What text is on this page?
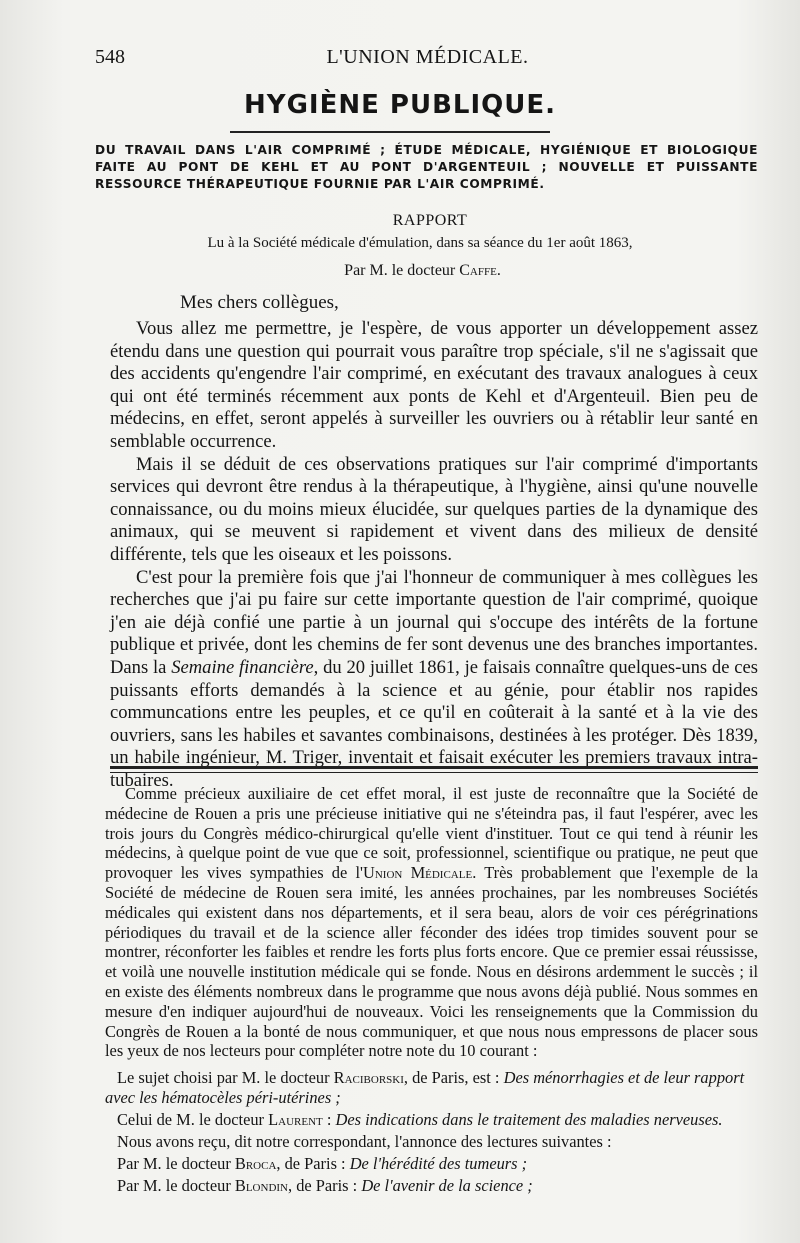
548	L'UNION MÉDICALE.
HYGIÈNE PUBLIQUE.
DU TRAVAIL DANS L'AIR COMPRIMÉ ; ÉTUDE MÉDICALE, HYGIÉNIQUE ET BIOLOGIQUE FAITE AU PONT DE KEHL ET AU PONT D'ARGENTEUIL ; NOUVELLE ET PUISSANTE RESSOURCE THÉRAPEUTIQUE FOURNIE PAR L'AIR COMPRIMÉ.
RAPPORT
Lu à la Société médicale d'émulation, dans sa séance du 1er août 1863,
Par M. le docteur Caffe.
Mes chers collègues,

Vous allez me permettre, je l'espère, de vous apporter un développement assez étendu dans une question qui pourrait vous paraître trop spéciale, s'il ne s'agissait que des accidents qu'engendre l'air comprimé, en exécutant des travaux analogues à ceux qui ont été terminés récemment aux ponts de Kehl et d'Argenteuil. Bien peu de médecins, en effet, seront appelés à surveiller les ouvriers ou à rétablir leur santé en semblable occurrence.

Mais il se déduit de ces observations pratiques sur l'air comprimé d'importants services qui devront être rendus à la thérapeutique, à l'hygiène, ainsi qu'une nouvelle connaissance, ou du moins mieux élucidée, sur quelques parties de la dynamique des animaux, qui se meuvent si rapidement et vivent dans des milieux de densité différente, tels que les oiseaux et les poissons.

C'est pour la première fois que j'ai l'honneur de communiquer à mes collègues les recherches que j'ai pu faire sur cette importante question de l'air comprimé, quoique j'en aie déjà confié une partie à un journal qui s'occupe des intérêts de la fortune publique et privée, dont les chemins de fer sont devenus une des branches importantes. Dans la Semaine financière, du 20 juillet 1861, je faisais connaître quelques-uns de ces puissants efforts demandés à la science et au génie, pour établir nos rapides communcations entre les peuples, et ce qu'il en coûterait à la santé et à la vie des ouvriers, sans les habiles et savantes combinaisons, destinées à les protéger. Dès 1839, un habile ingénieur, M. Triger, inventait et faisait exécuter les premiers travaux intra-tubaires.

Comme précieux auxiliaire de cet effet moral, il est juste de reconnaître que la Société de médecine de Rouen a pris une précieuse initiative qui ne s'éteindra pas, il faut l'espérer, avec les trois jours du Congrès médico-chirurgical qu'elle vient d'instituer. Tout ce qui tend à réunir les médecins, à quelque point de vue que ce soit, professionnel, scientifique ou pratique, ne peut que provoquer les vives sympathies de l'Union Médicale. Très probablement que l'exemple de la Société de médecine de Rouen sera imité, les années prochaines, par les nombreuses Sociétés médicales qui existent dans nos départements, et il sera beau, alors de voir ces pérégrinations périodiques du travail et de la science aller féconder des idées trop timides souvent pour se montrer, réconforter les faibles et rendre les forts plus forts encore. Que ce premier essai réussisse, et voilà une nouvelle institution médicale qui se fonde. Nous en désirons ardemment le succès ; il en existe des éléments nombreux dans le programme que nous avons déjà publié. Nous sommes en mesure d'en indiquer aujourd'hui de nouveaux. Voici les renseignements que la Commission du Congrès de Rouen a la bonté de nous communiquer, et que nous nous empressons de placer sous les yeux de nos lecteurs pour compléter notre note du 10 courant :

Le sujet choisi par M. le docteur Raciborski, de Paris, est : Des ménorrhagies et de leur rapport avec les hématocèles péri-utérines ;

Celui de M. le docteur Laurent : Des indications dans le traitement des maladies nerveuses.

Nous avons reçu, dit notre correspondant, l'annonce des lectures suivantes :

Par M. le docteur Broca, de Paris : De l'hérédité des tumeurs ;

Par M. le docteur Blondin, de Paris : De l'avenir de la science ;
